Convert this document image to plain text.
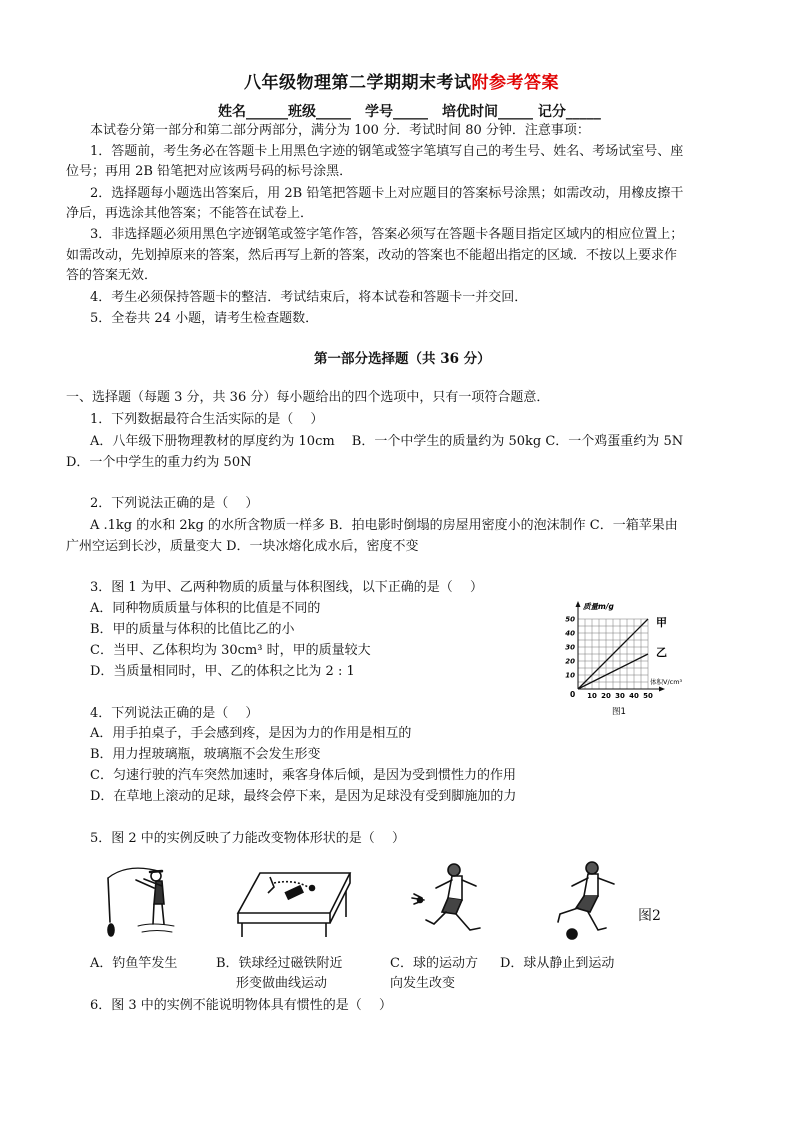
八年级物理第二学期期末考试附参考答案
姓名______班级_____　学号_____　培优时间_____ 记分_____
本试卷分第一部分和第二部分两部分，满分为 100 分．考试时间 80 分钟．注意事项：
1．答题前，考生务必在答题卡上用黑色字迹的钢笔或签字笔填写自己的考生号、姓名、考场试室号、座
位号；再用 2B 铅笔把对应该两号码的标号涂黑．
2．选择题每小题选出答案后，用 2B 铅笔把答题卡上对应题目的答案标号涂黑；如需改动，用橡皮擦干
净后，再选涂其他答案；不能答在试卷上．
3．非选择题必须用黑色字迹钢笔或签字笔作答，答案必须写在答题卡各题目指定区域内的相应位置上；
如需改动，先划掉原来的答案，然后再写上新的答案，改动的答案也不能超出指定的区域．不按以上要求作
答的答案无效．
4．考生必须保持答题卡的整洁．考试结束后，将本试卷和答题卡一并交回．
5．全卷共 24 小题，请考生检查题数．
第一部分选择题（共 36 分）
一、选择题（每题 3 分，共 36 分）每小题给出的四个选项中，只有一项符合题意．
1．下列数据最符合生活实际的是（　 ）
A．八年级下册物理教材的厚度约为 10cm　 B．一个中学生的质量约为 50kg C．一个鸡蛋重约为 5N
D．一个中学生的重力约为 50N
2．下列说法正确的是（　 ）
A .1kg 的水和 2kg 的水所含物质一样多 B．拍电影时倒塌的房屋用密度小的泡沫制作 C．一箱苹果由
广州空运到长沙，质量变大 D．一块冰熔化成水后，密度不变
3．图 1 为甲、乙两种物质的质量与体积图线，以下正确的是（　 ）
A．同种物质质量与体积的比值是不同的
B．甲的质量与体积的比值比乙的小
C．当甲、乙体积均为 30cm³ 时，甲的质量较大
D．当质量相同时，甲、乙的体积之比为 2 : 1	10
20
30
40
50
10 20 30 40 50
质量m/g
体积V/cm³
0
甲
乙
图1
4．下列说法正确的是（　 ）
A．用手拍桌子，手会感到疼，是因为力的作用是相互的
B．用力捏玻璃瓶，玻璃瓶不会发生形变
C．匀速行驶的汽车突然加速时，乘客身体后倾，是因为受到惯性力的作用
D．在草地上滚动的足球，最终会停下来，是因为足球没有受到脚施加的力
5．图 2 中的实例反映了力能改变物体形状的是（　 ）
图2
A．钓鱼竿发生	B．铁球经过磁铁附近
形变做曲线运动
C．球的运动方
向发生改变
D．球从静止到运动
6．图 3 中的实例不能说明物体具有惯性的是（　 ）
